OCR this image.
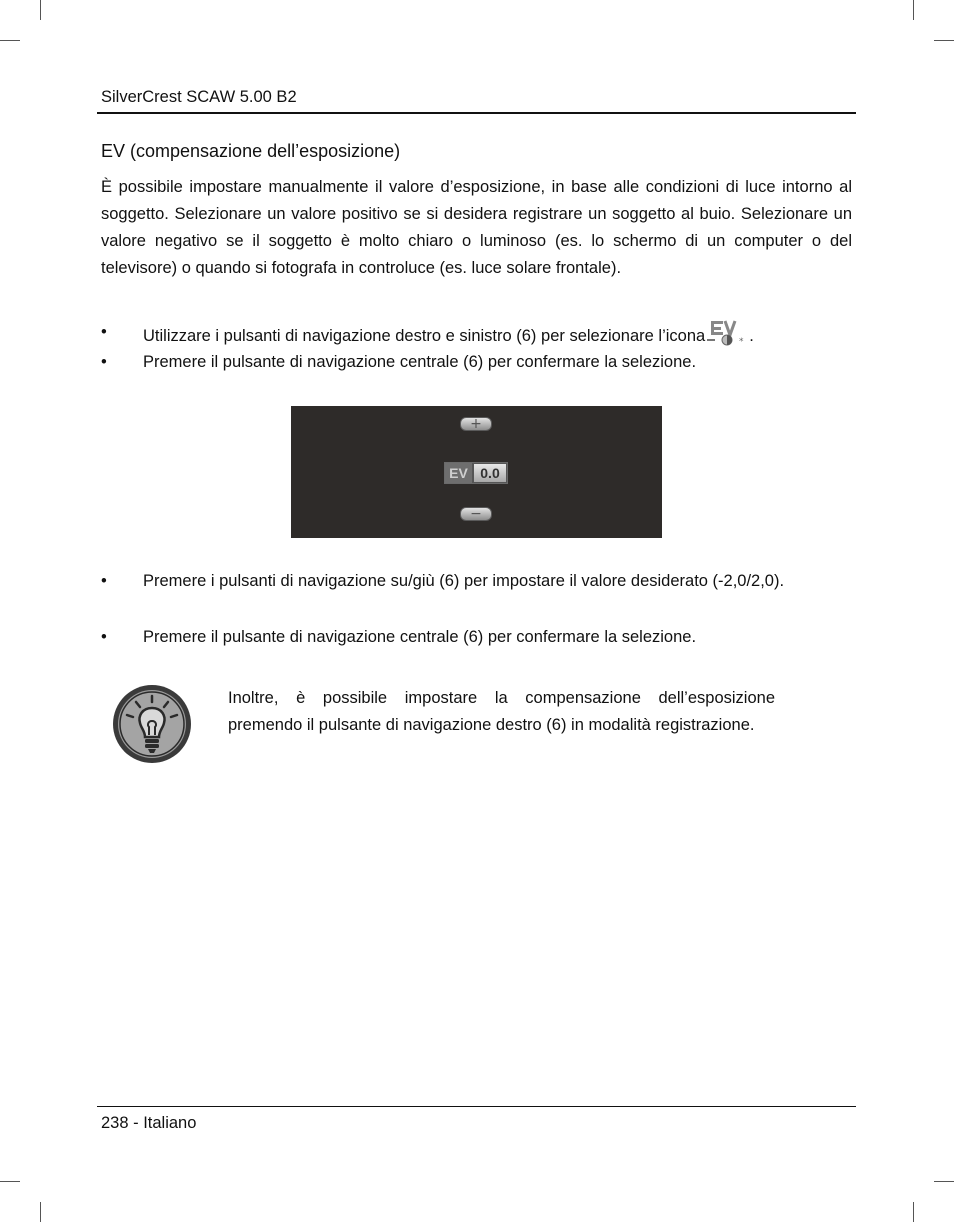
SilverCrest SCAW 5.00 B2
EV (compensazione dell’esposizione)

È possibile impostare manualmente il valore d’esposizione, in base alle condizioni di luce intorno al soggetto. Selezionare un valore positivo se si desidera registrare un soggetto al buio. Selezionare un valore negativo se il soggetto è molto chiaro o luminoso (es. lo schermo di un computer o del televisore) o quando si fotografa in controluce (es. luce solare frontale).

•	Utilizzare i pulsanti di navigazione destro e sinistro (6) per selezionare l’icona	* .
•	Premere il pulsante di navigazione centrale (6) per confermare la selezione.
+
EV 0.0
−
•	Premere i pulsanti di navigazione su/giù (6) per impostare il valore desiderato (-2,0/2,0).
•	Premere il pulsante di navigazione centrale (6) per confermare la selezione.

Inoltre, è possibile impostare la compensazione dell’esposizione premendo il pulsante di navigazione destro (6) in modalità registrazione.

238 - Italiano
